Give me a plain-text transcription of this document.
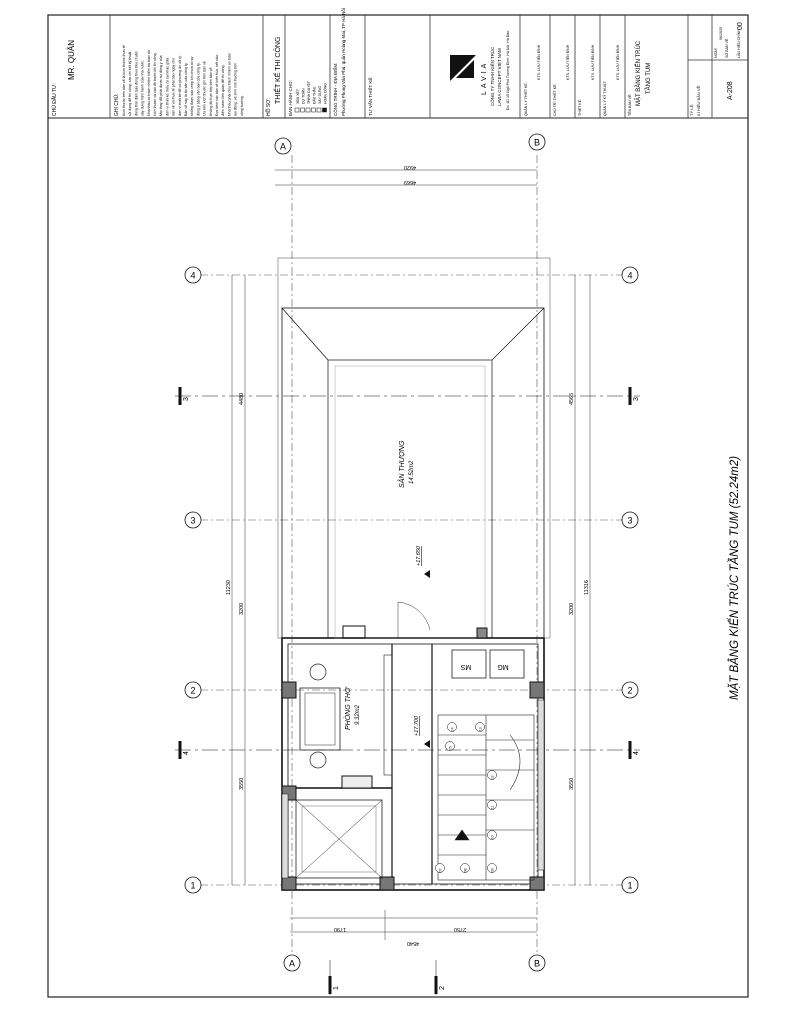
CHỦ ĐẦU TƯ:
MR. QUÂN
GHI CHÚ: Kích thước trên bản vẽ là kích thước thực tế sử dụng để thi công, các chi tiết kỹ thuật đồng thời đảm bảo đúng theo tiêu chuẩn xây dựng hiện hành của nhà nước. Nhà thầu có trách nhiệm kiểm tra toàn bộ kích thước và cao độ trước khi thi công. Mọi thay đổi phải được sự đồng ý của đơn vị thiết kế. Nếu có sai khác giữa bản vẽ và thực tế phải báo ngay cho đơn vị thiết kế để có phương án xử lý. Bản vẽ này là tài sản của công ty, không được sao chép khi chưa có sự đồng ý bằng văn bản của công ty. Ưu tiên kích thước ghi trên bản vẽ. Không đo trực tiếp trên bản vẽ. Đọc kèm các bản vẽ kiến trúc, kết cấu, điện nước liên quan để thi công. Nhà thầu phải chịu trách nhiệm an toàn lao động, vệ sinh môi trường trên công trường.	HỒ SƠ:
THIẾT KẾ THI CÔNG BAN HÀNH CHO: XEM XÉT DỰ TOÁN TRÌNH DUYỆT ĐẤU THẦU XÂY DỰNG HOÀN CÔNG CÔNG TRÌNH - ĐỊA ĐIỂM: Phường Phong Vân Phú, quận Hoàng Mai, TP Hà Nội	TƯ VẤN THIẾT KẾ:	LAVIA CÔNG TY TNHH KIẾN TRÚC LAVIA CONCEPT VIỆT NAM Đc: 4D 15 Ngõ Phố Trương Định, Hà Nội, Hà Bảo	QUẢN LÝ THIẾT KẾ:
KTS. LƯU TIẾN BÌNH
CHỦ TRÌ THIẾT KẾ:
KTS. LƯU TIẾN BÌNH
THIẾT KẾ:
KTS. LƯU TIẾN BÌNH
QUẢN LÝ KỸ THUẬT:
KTS. LƯU TIẾN BÌNH
TÊN BẢN VẼ: MẶT BẰNG KIẾN TRÚC TẦNG TUM
TỶ LỆ: KÍ HIỆU BẢN VẼ:	A-208
NGÀY
06/2025
SỐ BẢN VẼ LẦN HIỆU CHỈNH
00
A	B
A	B
1	1
2	2
3	3
4	4
1	2
3	3
4	4
MS	MG
07	08	09
10
11
12
13
14
15
PHÒNG THỜ 9.32m2
SÂN THƯỢNG 14.52m2
+17.700
+17.650
11230
3550
3200
4480
3550
3200
4565
11316
4540
1790	2750
4920
4669
MẶT BẰNG KIẾN TRÚC TẦNG TUM (52.24m2)
